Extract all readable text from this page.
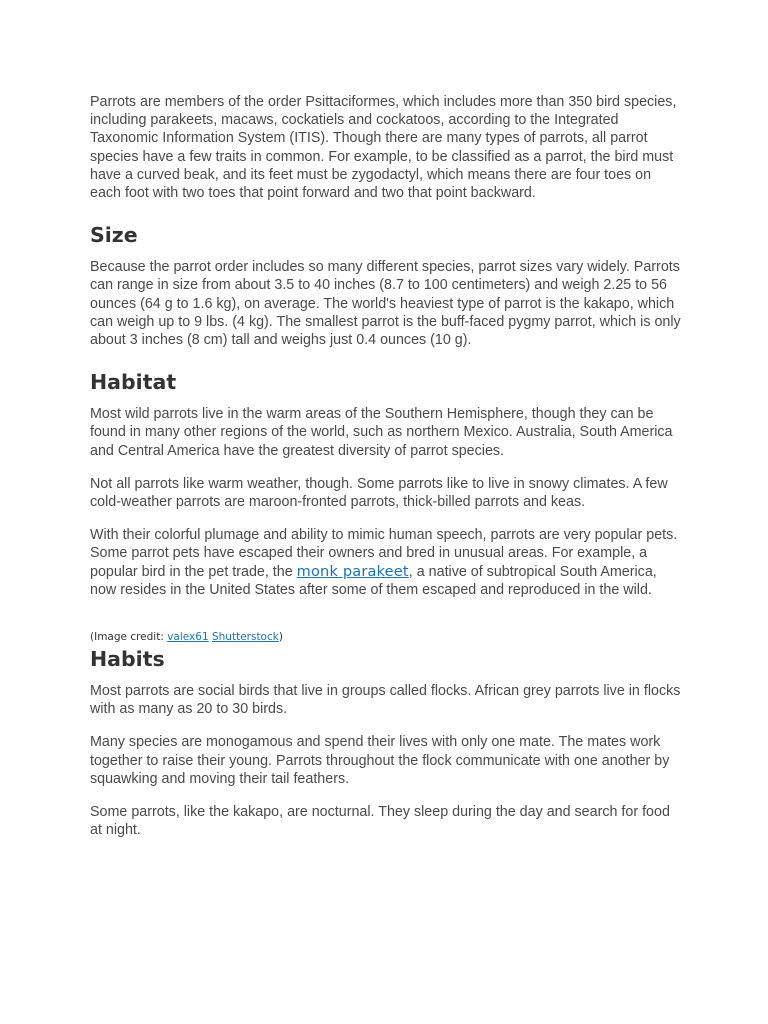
Parrots are members of the order Psittaciformes, which includes more than 350 bird species, including parakeets, macaws, cockatiels and cockatoos, according to the Integrated Taxonomic Information System (ITIS). Though there are many types of parrots, all parrot species have a few traits in common. For example, to be classified as a parrot, the bird must have a curved beak, and its feet must be zygodactyl, which means there are four toes on each foot with two toes that point forward and two that point backward.

Size

Because the parrot order includes so many different species, parrot sizes vary widely. Parrots can range in size from about 3.5 to 40 inches (8.7 to 100 centimeters) and weigh 2.25 to 56 ounces (64 g to 1.6 kg), on average. The world's heaviest type of parrot is the kakapo, which can weigh up to 9 lbs. (4 kg). The smallest parrot is the buff-faced pygmy parrot, which is only about 3 inches (8 cm) tall and weighs just 0.4 ounces (10 g).

Habitat

Most wild parrots live in the warm areas of the Southern Hemisphere, though they can be found in many other regions of the world, such as northern Mexico. Australia, South America and Central America have the greatest diversity of parrot species.

Not all parrots like warm weather, though. Some parrots like to live in snowy climates. A few cold-weather parrots are maroon-fronted parrots, thick-billed parrots and keas.

With their colorful plumage and ability to mimic human speech, parrots are very popular pets. Some parrot pets have escaped their owners and bred in unusual areas. For example, a popular bird in the pet trade, the monk parakeet, a native of subtropical South America, now resides in the United States after some of them escaped and reproduced in the wild.

(Image credit: valex61 Shutterstock)

Habits

Most parrots are social birds that live in groups called flocks. African grey parrots live in flocks with as many as 20 to 30 birds.

Many species are monogamous and spend their lives with only one mate. The mates work together to raise their young. Parrots throughout the flock communicate with one another by squawking and moving their tail feathers.

Some parrots, like the kakapo, are nocturnal. They sleep during the day and search for food at night.
